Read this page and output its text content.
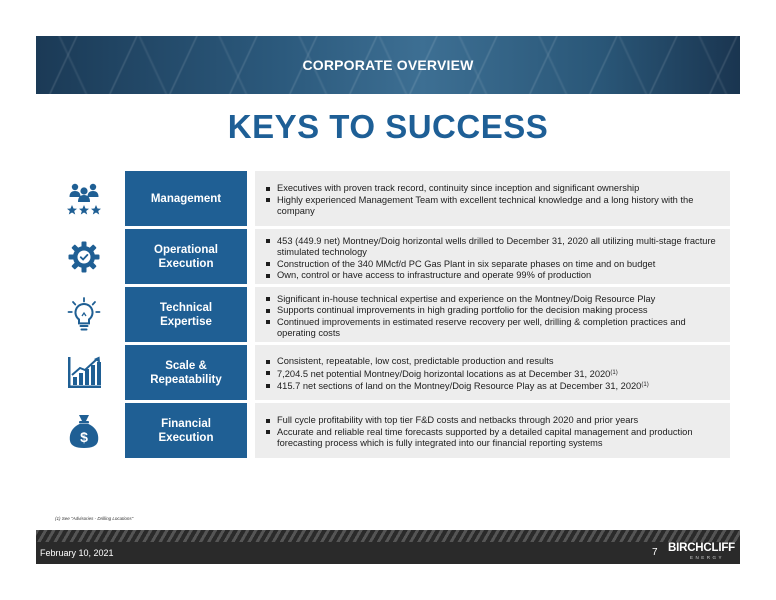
CORPORATE OVERVIEW
KEYS TO SUCCESS
Management
Executives with proven track record, continuity since inception and significant ownership
Highly experienced Management Team with excellent technical knowledge and a long history with the company
Operational
Execution
453 (449.9 net) Montney/Doig horizontal wells drilled to December 31, 2020 all utilizing multi-stage fracture stimulated technology
Construction of the 340 MMcf/d PC Gas Plant in six separate phases on time and on budget
Own, control or have access to infrastructure and operate 99% of production
Technical
Expertise
Significant in-house technical expertise and experience on the Montney/Doig Resource Play
Supports continual improvements in high grading portfolio for the decision making process
Continued improvements in estimated reserve recovery per well, drilling & completion practices and operating costs
Scale &
Repeatability
Consistent, repeatable, low cost, predictable production and results
7,204.5 net potential Montney/Doig horizontal locations as at December 31, 2020$^{(1)}$
415.7 net sections of land on the Montney/Doig Resource Play as at December 31, 2020$^{(1)}$
$
Financial
Execution
Full cycle profitability with top tier F&D costs and netbacks through 2020 and prior years
Accurate and reliable real time forecasts supported by a detailed capital management and production forecasting process which is fully integrated into our financial reporting systems
(1) See "Advisories - Drilling Locations"
February 10, 2021	7 BIRCHCLIFF
ENERGY
